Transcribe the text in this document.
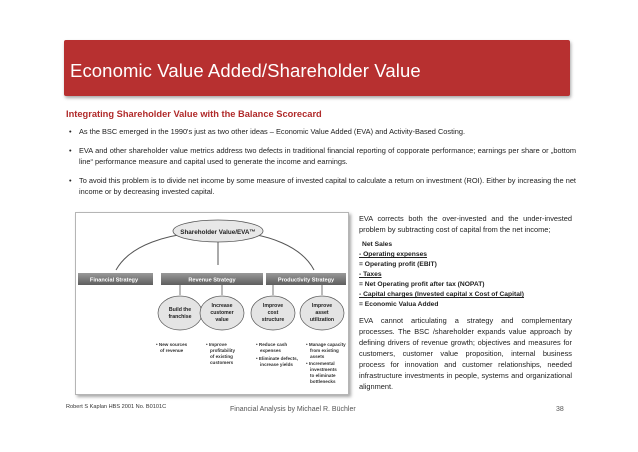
Economic Value Added/Shareholder Value
Integrating Shareholder Value with the Balance Scorecard
• As the BSC emerged in the 1990's just as two other ideas – Economic Value Added (EVA) and Activity-Based Costing.
• EVA and other shareholder value metrics address two defects in traditional financial reporting of copporate performance; earnings per share or „bottom line“ performance measure and capital used to generate the income and earnings.
• To avoid this problem is to divide net income by some measure of invested capital to calculate a return on investment (ROI). Either by increasing the net income or by decreasing invested capital.
Shareholder Value/EVA™
Financial Strategy	Revenue Strategy	Productivity Strategy
Build the
franchise
Increase
customer
value
Improve
cost
structure
Improve
asset
utilization
• New sources
of revenue
• Improve
profitability
of existing
customers
• Reduce cash
expenses
• Eliminate defects,
increase yields
• Manage capacity
from existing
assets
• Incremental
investments
to eliminate
bottlenecks

EVA corrects both the over-invested and the under-invested problem by subtracting cost of capital from the net income;

Net Sales
- Operating expenses
= Operating profit (EBIT)
- Taxes
= Net Operating profit after tax (NOPAT)
- Capital charges (Invested capital x Cost of Capital)
= Economic Valua Added

EVA cannot articulating a strategy and complementary processes. The BSC /shareholder expands value approach by defining drivers of revenue growth; objectives and measures for customers, customer value proposition, internal business process for innovation and customer relationships, needed infrastructure investments in people, systems and organizational alignment.

Robert S Kaplan HBS 2001 No. B0101C	Financial Analysis by Michael R. Büchler	38
